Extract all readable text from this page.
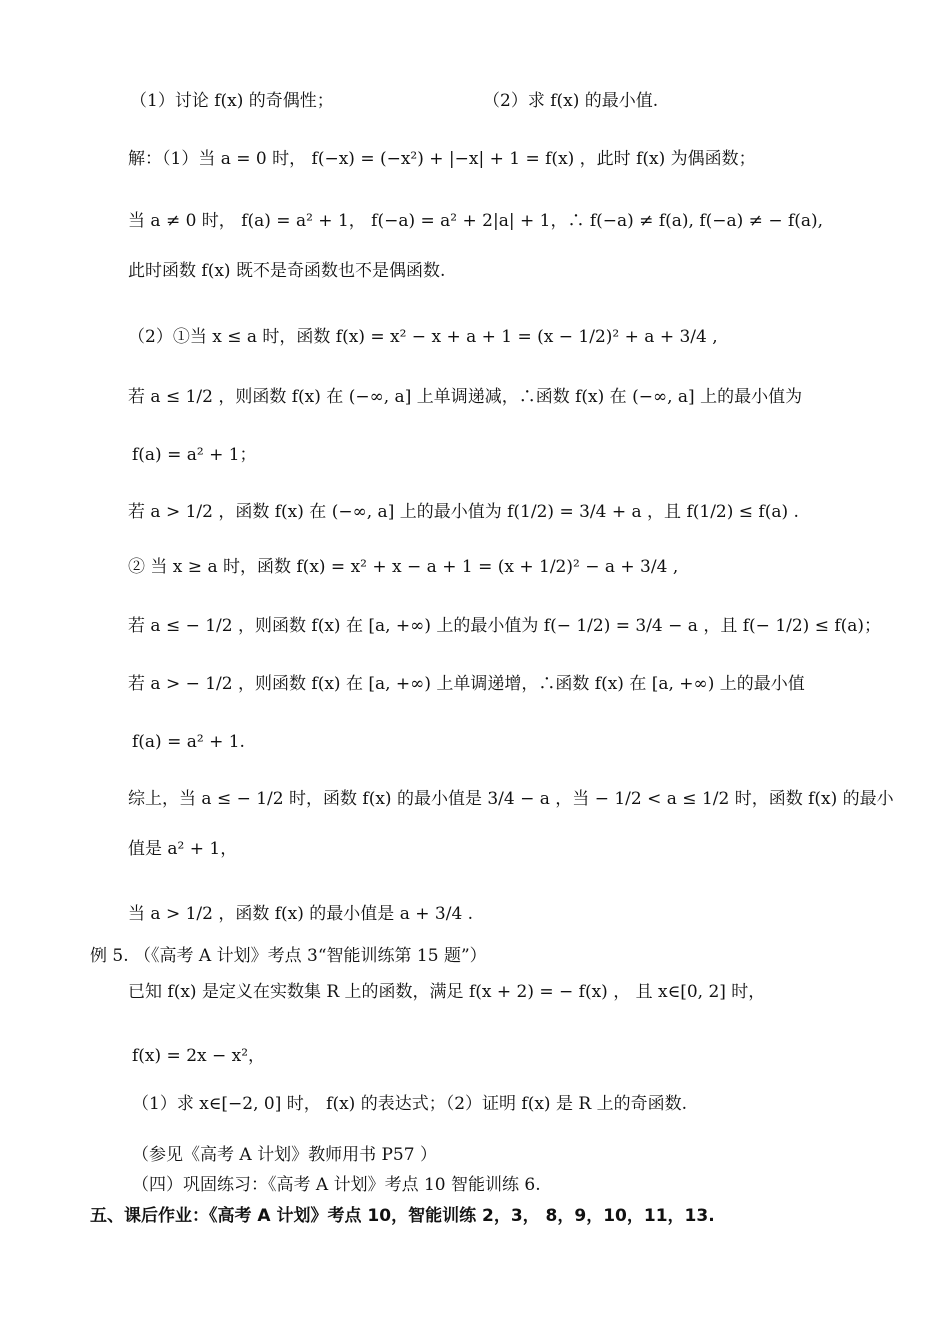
（1）讨论 f(x) 的奇偶性；	（2）求 f(x) 的最小值.
解：（1）当 a = 0 时， f(−x) = (−x²) + |−x| + 1 = f(x) ，此时 f(x) 为偶函数；
当 a ≠ 0 时， f(a) = a² + 1， f(−a) = a² + 2|a| + 1，∴ f(−a) ≠ f(a), f(−a) ≠ − f(a),
此时函数 f(x) 既不是奇函数也不是偶函数.
（2）①当 x ≤ a 时，函数 f(x) = x² − x + a + 1 = (x − 1/2)² + a + 3/4 ,
若 a ≤ 1/2 ，则函数 f(x) 在 (−∞, a] 上单调递减，∴函数 f(x) 在 (−∞, a] 上的最小值为
f(a) = a² + 1；
若 a > 1/2 ，函数 f(x) 在 (−∞, a] 上的最小值为 f(1/2) = 3/4 + a ，且 f(1/2) ≤ f(a) .
② 当 x ≥ a 时，函数 f(x) = x² + x − a + 1 = (x + 1/2)² − a + 3/4 ,
若 a ≤ − 1/2 ，则函数 f(x) 在 [a, +∞) 上的最小值为 f(− 1/2) = 3/4 − a ，且 f(− 1/2) ≤ f(a)；
若 a > − 1/2 ，则函数 f(x) 在 [a, +∞) 上单调递增，∴函数 f(x) 在 [a, +∞) 上的最小值
f(a) = a² + 1.
综上，当 a ≤ − 1/2 时，函数 f(x) 的最小值是 3/4 − a ，当 − 1/2 < a ≤ 1/2 时，函数 f(x) 的最小
值是 a² + 1，
当 a > 1/2 ，函数 f(x) 的最小值是 a + 3/4 .
例 5. （《高考 A 计划》考点 3“智能训练第 15 题”）
已知 f(x) 是定义在实数集 R 上的函数，满足 f(x + 2) = − f(x) ， 且 x∈[0, 2] 时，
f(x) = 2x − x²，
（1）求 x∈[−2, 0] 时， f(x) 的表达式；（2）证明 f(x) 是 R 上的奇函数.
（参见《高考 A 计划》教师用书 P57 ）
（四）巩固练习：《高考 A 计划》考点 10 智能训练 6.
五、课后作业：《高考 A 计划》考点 10，智能训练 2，3， 8，9，10，11，13.
